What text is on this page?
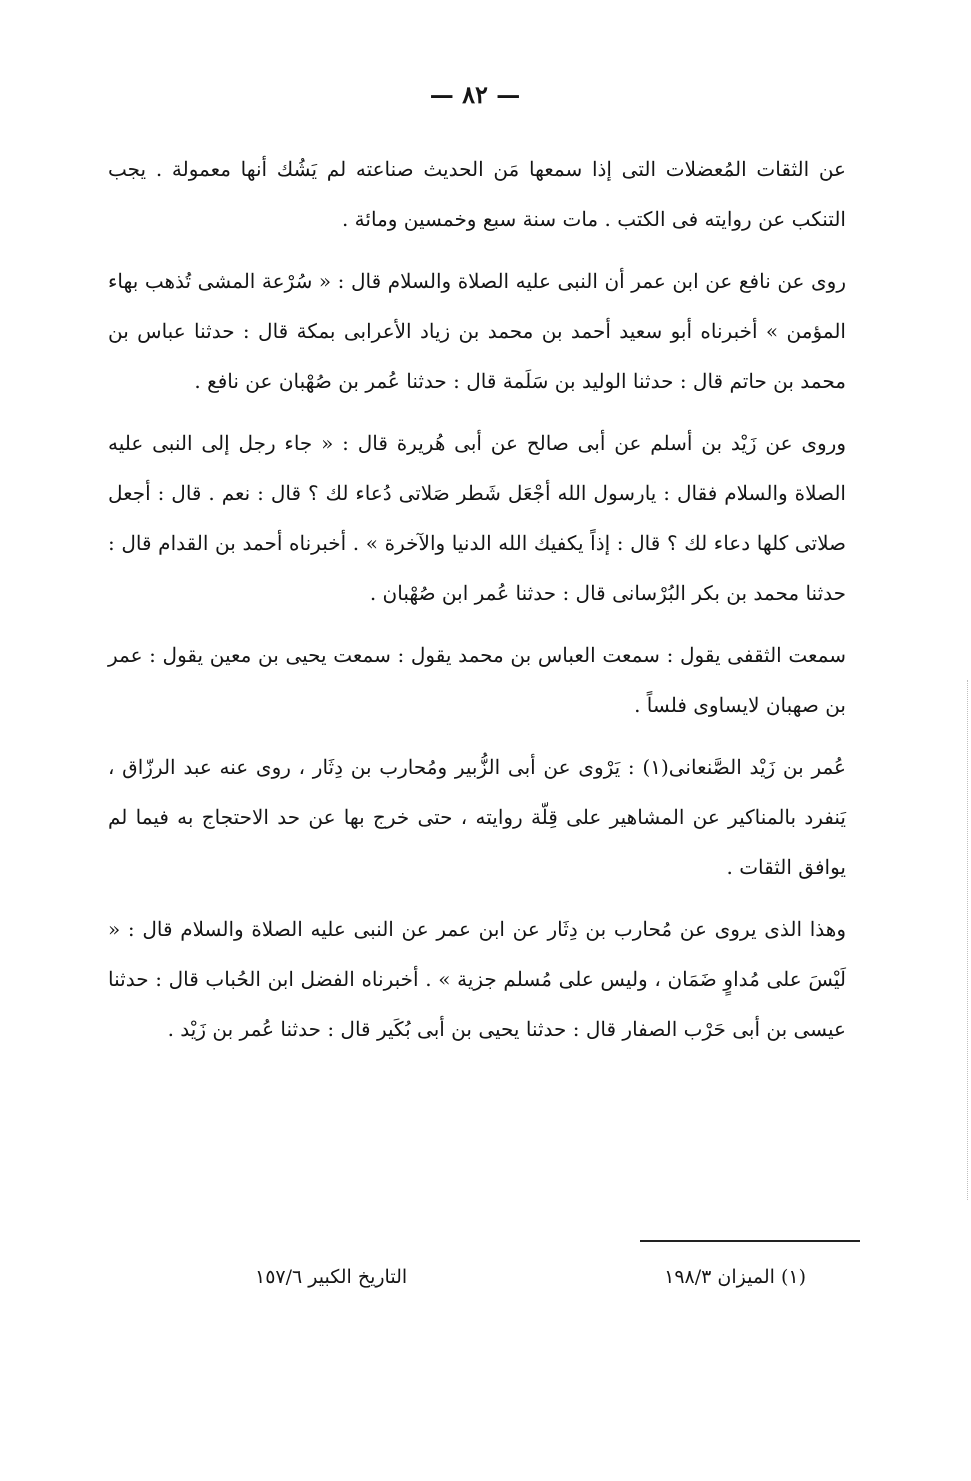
— ٨٢ —

عن الثقات المُعضلات التى إذا سمعها مَن الحديث صناعته لم يَشُك أنها معمولة . يجب التنكب عن روايته فى الكتب . مات سنة سبع وخمسين ومائة .

روى عن نافع عن ابن عمر أن النبى عليه الصلاة والسلام قال : « سُرْعة المشى تُذهب بهاء المؤمن » أخبرناه أبو سعيد أحمد بن محمد بن زياد الأعرابى بمكة قال : حدثنا عباس بن محمد بن حاتم قال : حدثنا الوليد بن سَلَمة قال : حدثنا عُمر بن صُهْبان عن نافع .

وروى عن زَيْد بن أسلم عن أبى صالح عن أبى هُريرة قال : « جاء رجل إلى النبى عليه الصلاة والسلام فقال : يارسول الله أجْعَل شَطر صَلاتى دُعاء لك ؟ قال : نعم . قال : أجعل صلاتى كلها دعاء لك ؟ قال : إذاً يكفيك الله الدنيا والآخرة » . أخبرناه أحمد بن القدام قال : حدثنا محمد بن بكر البُرْسانى قال : حدثنا عُمر ابن صُهْبان .

سمعت الثقفى يقول : سمعت العباس بن محمد يقول : سمعت يحيى بن معين يقول : عمر بن صهبان لايساوى فلساً .

عُمر بن زَيْد الصَّنعانى(١) : يَرْوى عن أبى الزُّبير ومُحارب بن دِثَار ، روى عنه عبد الرزّاق ، يَنفرد بالمناكير عن المشاهير على قِلّة روايته ، حتى خرج بها عن حد الاحتجاج به فيما لم يوافق الثقات .

وهذا الذى يروى عن مُحارب بن دِثَار عن ابن عمر عن النبى عليه الصلاة والسلام قال : « لَيْسَ على مُداوٍ ضَمَان ، وليس على مُسلم جزية » . أخبرناه الفضل ابن الحُباب قال : حدثنا عيسى بن أبى حَرْب الصفار قال : حدثنا يحيى بن أبى بُكَير قال : حدثنا عُمر بن زَيْد .

(١) الميزان ١٩٨/٣
التاريخ الكبير ١٥٧/٦
